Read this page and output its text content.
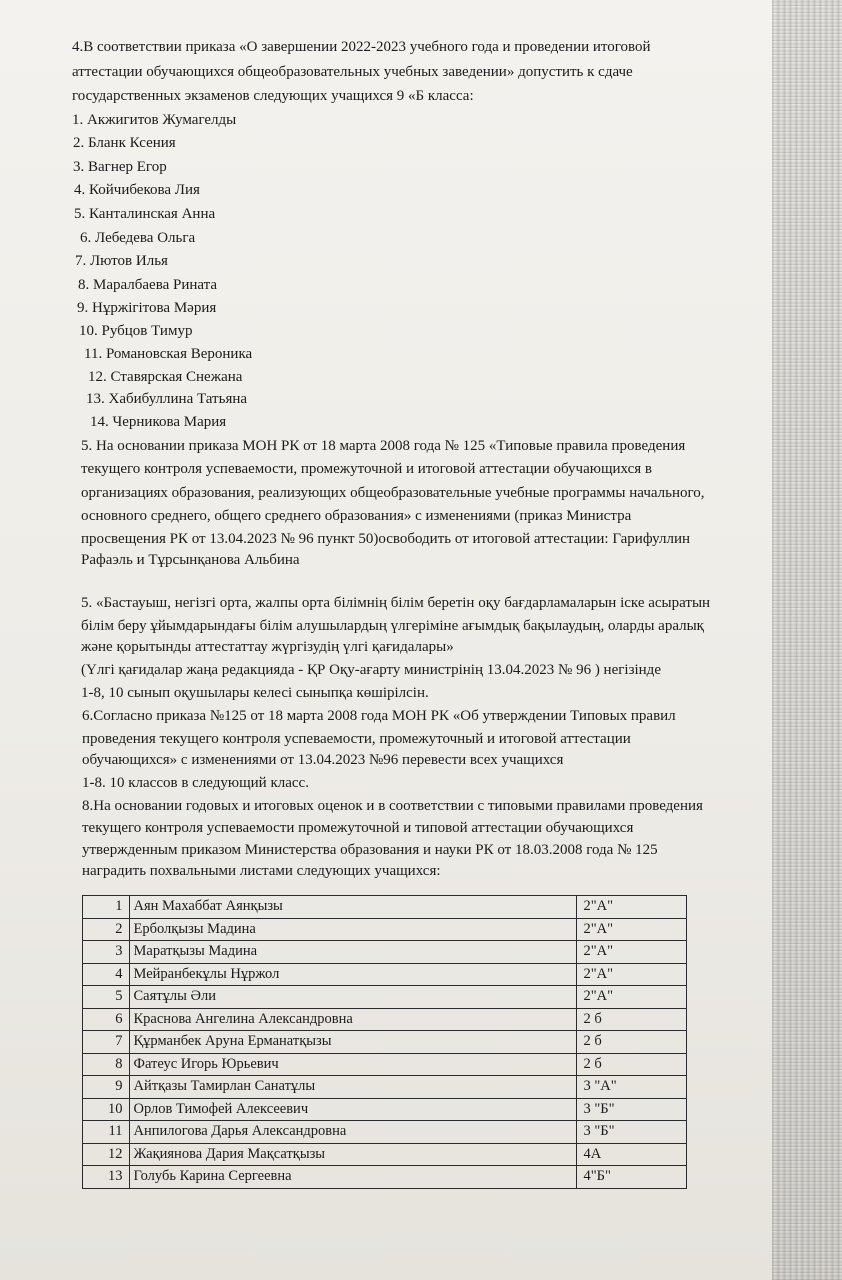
4.В соответствии приказа «О завершении 2022-2023 учебного года и проведении итоговой
аттестации обучающихся общеобразовательных учебных заведении» допустить к сдаче
государственных экзаменов следующих учащихся 9 «Б класса:
1. Акжигитов Жумагелды
2. Бланк Ксения
3. Вагнер Егор
4. Койчибекова Лия
5. Канталинская Анна
6. Лебедева Ольга
7. Лютов Илья
8. Маралбаева Рината
9. Нұржігітова Мәрия
10. Рубцов Тимур
11. Романовская Вероника
12. Ставярская Снежана
13. Хабибуллина Татьяна
14. Черникова Мария
5. На основании приказа МОН РК от 18 марта 2008 года № 125 «Типовые правила проведения
текущего контроля успеваемости, промежуточной и итоговой аттестации обучающихся в
организациях образования, реализующих общеобразовательные учебные программы начального,
основного среднего, общего среднего образования» с изменениями (приказ Министра
просвещения РК от 13.04.2023 № 96 пункт 50)освободить от итоговой аттестации: Гарифуллин
Рафаэль и Тұрсынқанова Альбина
5. «Бастауыш, негізгі орта, жалпы орта білімнің білім беретін оқу бағдарламаларын іске асыратын
білім беру ұйымдарындағы білім алушылардың үлгеріміне ағымдық бақылаудың, оларды аралық
және қорытынды аттестаттау жүргізудің үлгі қағидалары»
(Үлгі қағидалар жаңа редакцияда - ҚР Оқу-ағарту министрінің 13.04.2023 № 96 ) негізінде
1-8, 10 сынып оқушылары келесі сыныпқа көшірілсін.
6.Согласно приказа №125 от 18 марта 2008 года МОН РК «Об утверждении Типовых правил
проведения текущего контроля успеваемости, промежуточный и итоговой аттестации
обучающихся» с изменениями от 13.04.2023 №96 перевести всех учащихся
1-8. 10 классов в следующий класс.
8.На основании годовых и итоговых оценок и в соответствии с типовыми правилами проведения
текущего контроля успеваемости промежуточной и типовой аттестации обучающихся
утвержденным приказом Министерства образования и науки РК от 18.03.2008 года № 125
наградить похвальными листами следующих учащихся:
1	Аян Махаббат Аянқызы	2"А"
2	Ерболқызы Мадина	2"А"
3	Маратқызы Мадина	2"А"
4	Мейранбекұлы Нұржол	2"А"
5	Саятұлы Әли	2"А"
6	Краснова Ангелина Александровна	2 б
7	Құрманбек Аруна Ерманатқызы	2 б
8	Фатеус Игорь Юрьевич	2 б
9	Айтқазы Тамирлан Санатұлы	3 "А"
10	Орлов Тимофей Алексеевич	3 "Б"
11	Анпилогова Дарья Александровна	3 "Б"
12	Жақиянова Дария Мақсатқызы	4А
13	Голубь Карина Сергеевна	4"Б"
